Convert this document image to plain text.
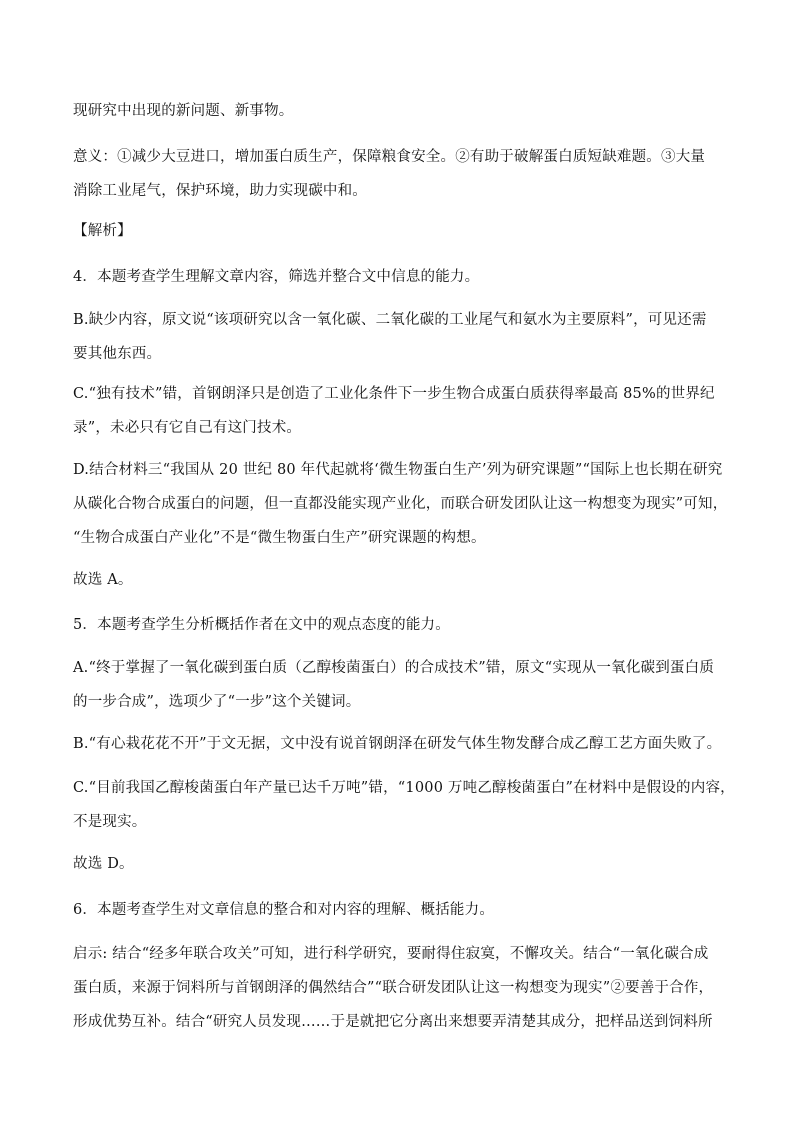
现研究中出现的新问题、新事物。

意义：①减少大豆进口，增加蛋白质生产，保障粮食安全。②有助于破解蛋白质短缺难题。③大量
消除工业尾气，保护环境，助力实现碳中和。

【解析】

4．本题考查学生理解文章内容，筛选并整合文中信息的能力。

B.缺少内容，原文说“该项研究以含一氧化碳、二氧化碳的工业尾气和氨水为主要原料”，可见还需
要其他东西。

C.“独有技术”错，首钢朗泽只是创造了工业化条件下一步生物合成蛋白质获得率最高 85%的世界纪
录”，未必只有它自己有这门技术。

D.结合材料三“我国从 20 世纪 80 年代起就将‘微生物蛋白生产’列为研究课题”“国际上也长期在研究
从碳化合物合成蛋白的问题，但一直都没能实现产业化，而联合研发团队让这一构想变为现实”可知，
“生物合成蛋白产业化”不是“微生物蛋白生产”研究课题的构想。

故选 A。

5．本题考查学生分析概括作者在文中的观点态度的能力。

A.“终于掌握了一氧化碳到蛋白质（乙醇梭菌蛋白）的合成技术”错，原文“实现从一氧化碳到蛋白质
的一步合成”，选项少了“一步”这个关键词。

B.“有心栽花花不开”于文无据，文中没有说首钢朗泽在研发气体生物发酵合成乙醇工艺方面失败了。

C.“目前我国乙醇梭菌蛋白年产量已达千万吨”错，“1000 万吨乙醇梭菌蛋白”在材料中是假设的内容，
不是现实。

故选 D。

6．本题考查学生对文章信息的整合和对内容的理解、概括能力。

启示: 结合“经多年联合攻关”可知，进行科学研究，要耐得住寂寞，不懈攻关。结合“一氧化碳合成
蛋白质，来源于饲料所与首钢朗泽的偶然结合”“联合研发团队让这一构想变为现实”②要善于合作，
形成优势互补。结合“研究人员发现……于是就把它分离出来想要弄清楚其成分，把样品送到饲料所
